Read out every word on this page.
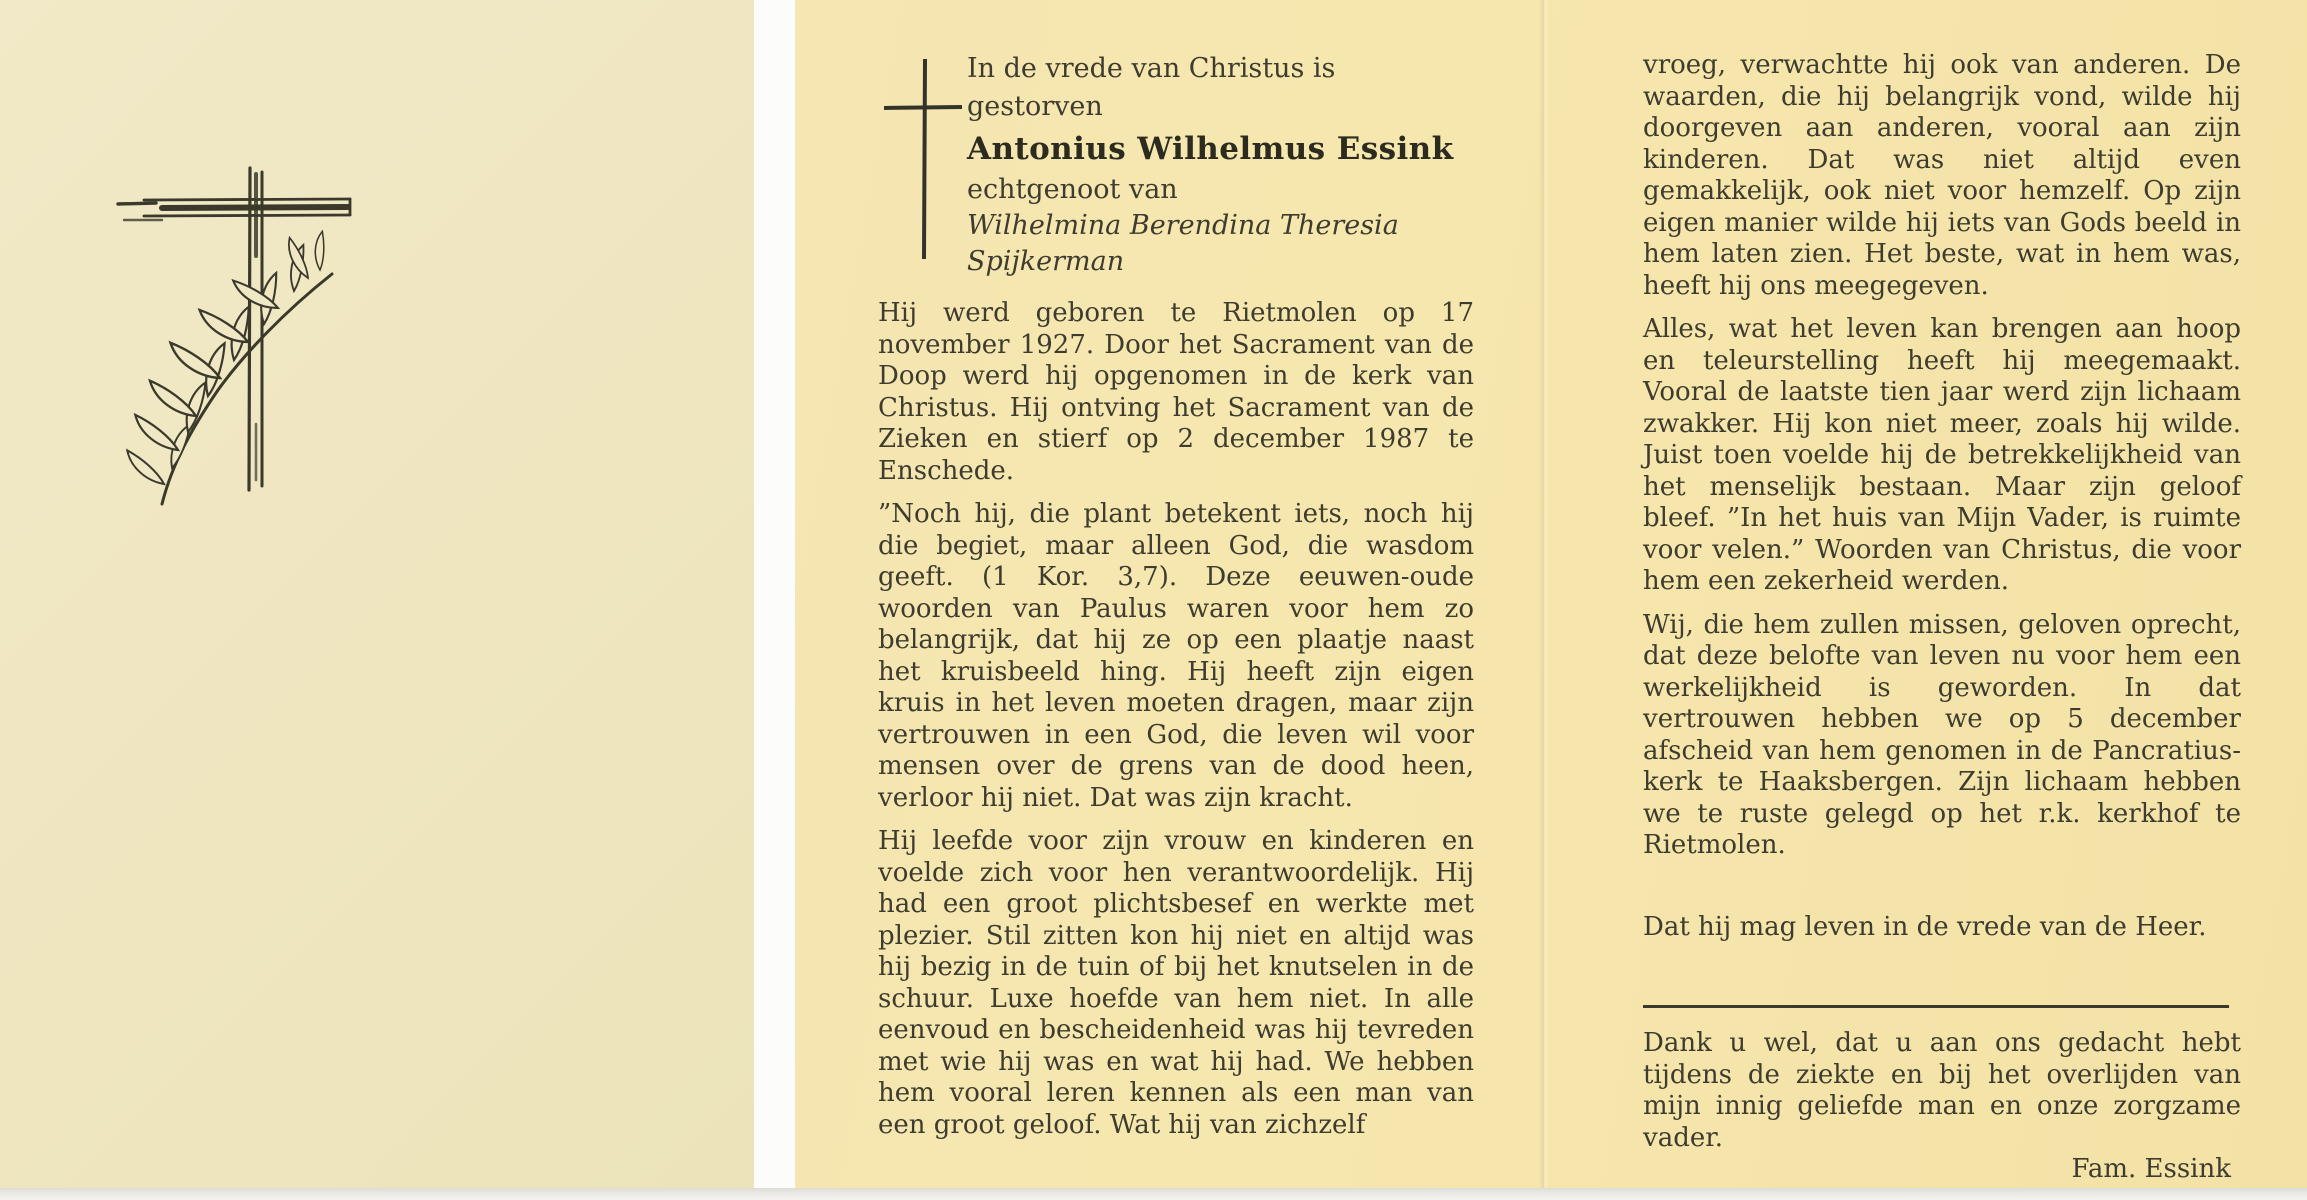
In de vrede van Christus is
gestorven
Antonius Wilhelmus Essink
echtgenoot van
Wilhelmina Berendina Theresia
Spijkerman

Hij werd geboren te Rietmolen op 17 november 1927. Door het Sacrament van de Doop werd hij opgenomen in de kerk van Christus. Hij ontving het Sacrament van de Zieken en stierf op 2 december 1987 te Enschede.

”Noch hij, die plant betekent iets, noch hij die begiet, maar alleen God, die wasdom geeft. (1 Kor. 3,7). Deze eeuwen-oude woorden van Paulus waren voor hem zo belangrijk, dat hij ze op een plaatje naast het kruisbeeld hing. Hij heeft zijn eigen kruis in het leven moeten dragen, maar zijn vertrouwen in een God, die leven wil voor mensen over de grens van de dood heen, verloor hij niet. Dat was zijn kracht.

Hij leefde voor zijn vrouw en kinderen en voelde zich voor hen verantwoordelijk. Hij had een groot plichtsbesef en werkte met plezier. Stil zitten kon hij niet en altijd was hij bezig in de tuin of bij het knutselen in de schuur. Luxe hoefde van hem niet. In alle eenvoud en bescheidenheid was hij tevreden met wie hij was en wat hij had. We hebben hem vooral leren kennen als een man van een groot geloof. Wat hij van zichzelf

vroeg, verwachtte hij ook van anderen. De waarden, die hij belangrijk vond, wilde hij doorgeven aan anderen, vooral aan zijn kinderen. Dat was niet altijd even gemakkelijk, ook niet voor hemzelf. Op zijn eigen manier wilde hij iets van Gods beeld in hem laten zien. Het beste, wat in hem was, heeft hij ons meegegeven.

Alles, wat het leven kan brengen aan hoop en teleurstelling heeft hij meegemaakt. Vooral de laatste tien jaar werd zijn lichaam zwakker. Hij kon niet meer, zoals hij wilde. Juist toen voelde hij de betrekkelijkheid van het menselijk bestaan. Maar zijn geloof bleef. ”In het huis van Mijn Vader, is ruimte voor velen.” Woorden van Christus, die voor hem een zekerheid werden.

Wij, die hem zullen missen, geloven oprecht, dat deze belofte van leven nu voor hem een werkelijkheid is geworden. In dat vertrouwen hebben we op 5 december afscheid van hem genomen in de Pancratius-kerk te Haaksbergen. Zijn lichaam hebben we te ruste gelegd op het r.k. kerkhof te Rietmolen.

Dat hij mag leven in de vrede van de Heer.

Dank u wel, dat u aan ons gedacht hebt tijdens de ziekte en bij het overlijden van mijn innig geliefde man en onze zorgzame vader.

Fam. Essink
